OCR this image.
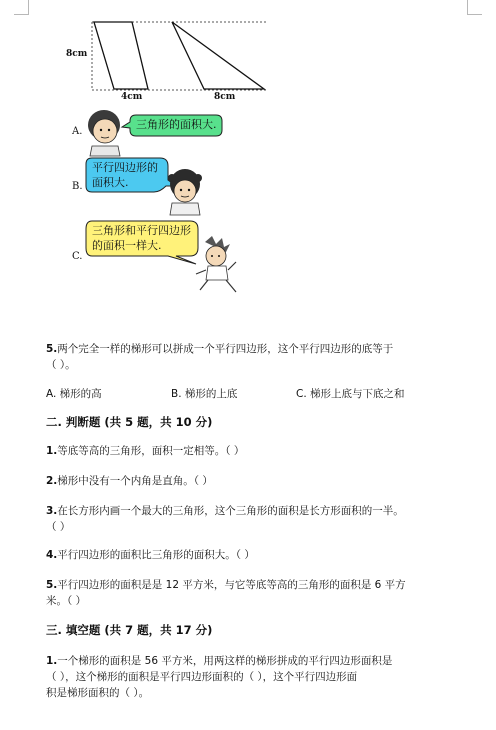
8cm
4cm	8cm
A.
B.
C.
三角形的面积大.
平行四边形的
面积大.
三角形和平行四边形
的面积一样大.
5.两个完全一样的梯形可以拼成一个平行四边形，这个平行四边形的底等于
（ ）。
A. 梯形的高	B. 梯形的上底	C. 梯形上底与下底之和
二. 判断题 (共 5 题，共 10 分)
1.等底等高的三角形，面积一定相等。（ ）
2.梯形中没有一个内角是直角。（ ）
3.在长方形内画一个最大的三角形，这个三角形的面积是长方形面积的一半。
（ ）
4.平行四边形的面积比三角形的面积大。（ ）
5.平行四边形的面积是是 12 平方米，与它等底等高的三角形的面积是 6 平方
米。（ ）
三. 填空题 (共 7 题，共 17 分)
1.一个梯形的面积是 56 平方米，用两这样的梯形拼成的平行四边形面积是
（ ），这个梯形的面积是平行四边形面积的（ ），这个平行四边形面
积是梯形面积的（ ）。
